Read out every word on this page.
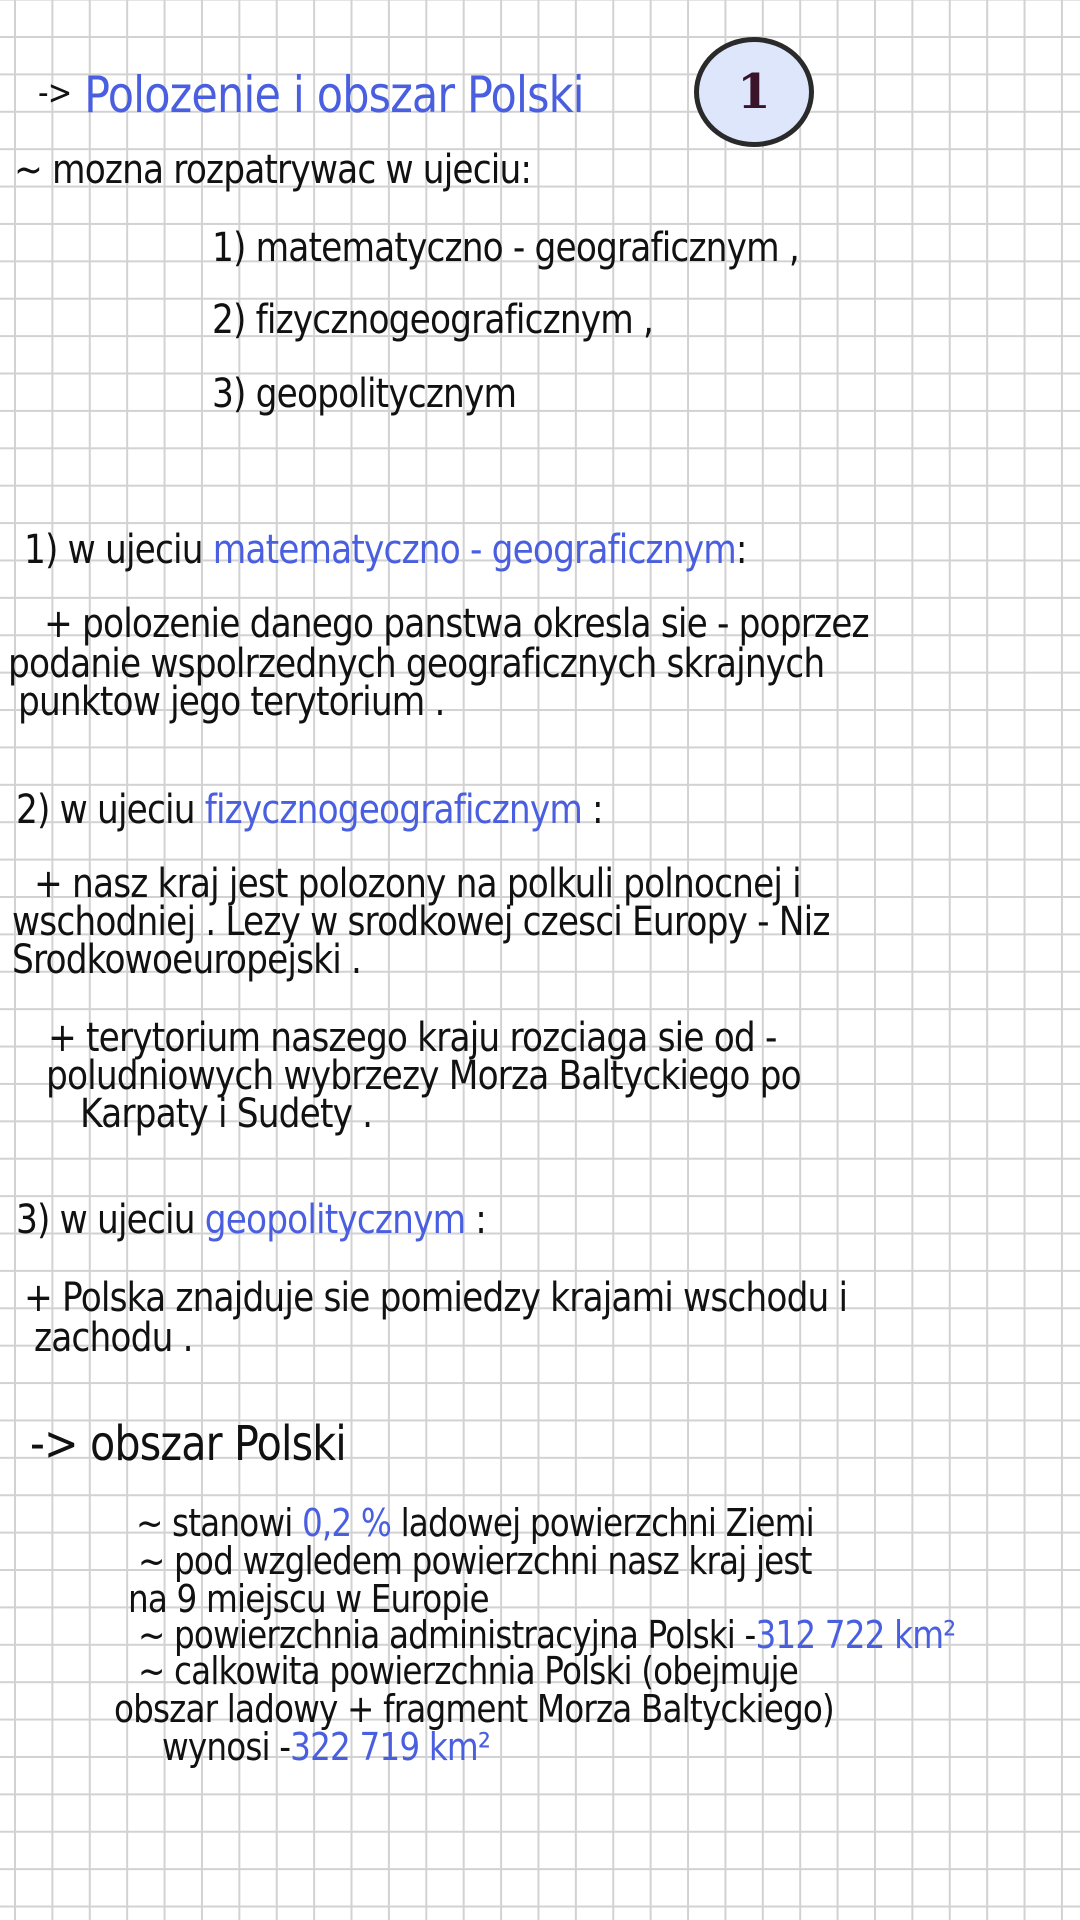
-> Polozenie i obszar Polski	1
~ mozna rozpatrywac w ujeciu:
1) matematyczno - geograficznym ,
2) fizycznogeograficznym ,
3) geopolitycznym
1) w ujeciu matematyczno - geograficznym:
+ polozenie danego panstwa okresla sie - poprzez
podanie wspolrzednych geograficznych skrajnych
punktow jego terytorium .
2) w ujeciu fizycznogeograficznym :
+ nasz kraj jest polozony na polkuli polnocnej i
wschodniej . Lezy w srodkowej czesci Europy - Niz
Srodkowoeuropejski .
+ terytorium naszego kraju rozciaga sie od -
poludniowych wybrzezy Morza Baltyckiego po
Karpaty i Sudety .
3) w ujeciu geopolitycznym :
+ Polska znajduje sie pomiedzy krajami wschodu i
zachodu .
-> obszar Polski
~ stanowi 0,2 % ladowej powierzchni Ziemi
~ pod wzgledem powierzchni nasz kraj jest
na 9 miejscu w Europie
~ powierzchnia administracyjna Polski -312 722 km²
~ calkowita powierzchnia Polski (obejmuje
obszar ladowy + fragment Morza Baltyckiego)
wynosi -322 719 km²
